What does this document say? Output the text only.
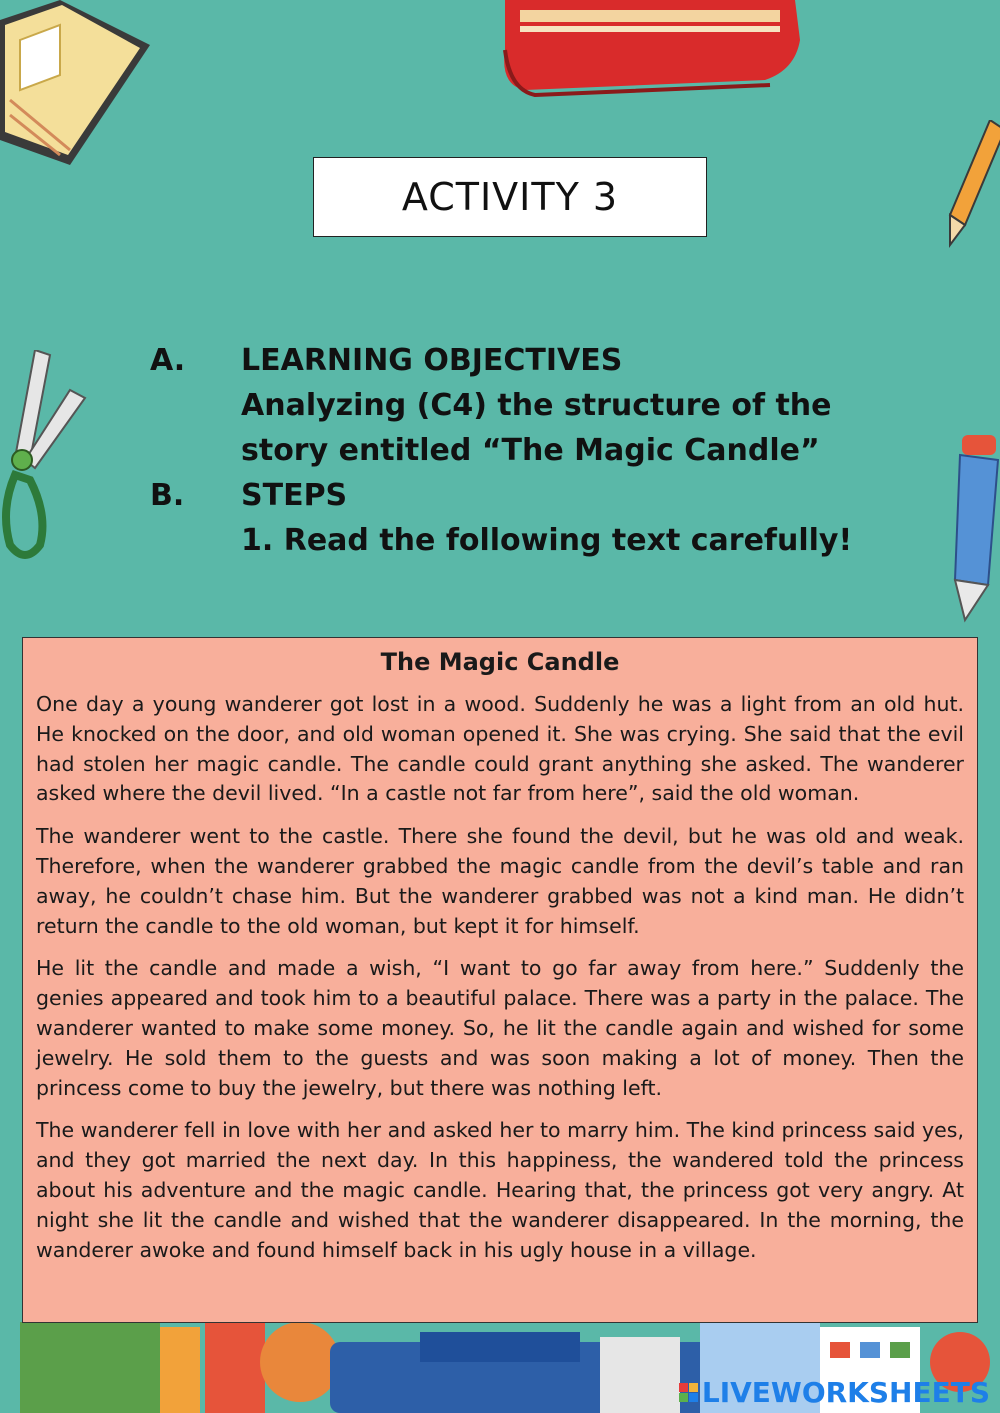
ACTIVITY 3
A.	LEARNING OBJECTIVES
Analyzing (C4) the structure of the
story entitled “The Magic Candle”
B.	STEPS
1. Read the following text carefully!
The Magic Candle

One day a young wanderer got lost in a wood. Suddenly he was a light from an old hut. He knocked on the door, and old woman opened it. She was crying. She said that the evil had stolen her magic candle. The candle could grant anything she asked. The wanderer asked where the devil lived. “In a castle not far from here”, said the old woman.

The wanderer went to the castle. There she found the devil, but he was old and weak. Therefore, when the wanderer grabbed the magic candle from the devil’s table and ran away, he couldn’t chase him. But the wanderer grabbed was not a kind man. He didn’t return the candle to the old woman, but kept it for himself.

He lit the candle and made a wish, “I want to go far away from here.” Suddenly the genies appeared and took him to a beautiful palace. There was a party in the palace. The wanderer wanted to make some money. So, he lit the candle again and wished for some jewelry. He sold them to the guests and was soon making a lot of money. Then the princess come to buy the jewelry, but there was nothing left.

The wanderer fell in love with her and asked her to marry him. The kind princess said yes, and they got married the next day. In this happiness, the wandered told the princess about his adventure and the magic candle. Hearing that, the princess got very angry. At night she lit the candle and wished that the wanderer disappeared. In the morning, the wanderer awoke and found himself back in his ugly house in a village.

LIVEWORKSHEETS
